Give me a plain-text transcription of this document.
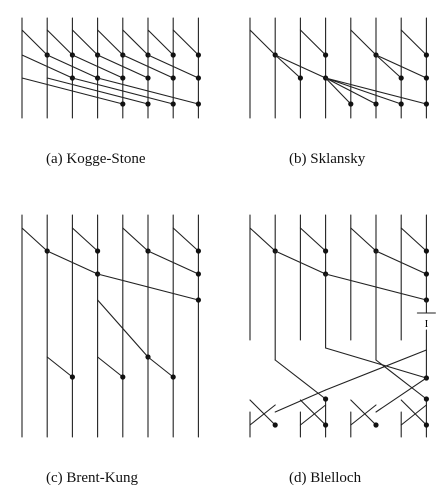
I

(a) Kogge-Stone	(b) Sklansky

(c) Brent-Kung	(d) Blelloch
